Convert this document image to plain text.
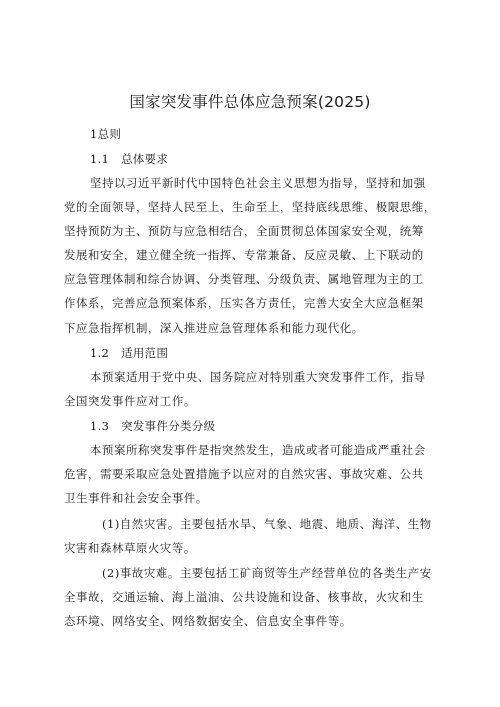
国家突发事件总体应急预案(2025)
1总则
1.1　总体要求
坚持以习近平新时代中国特色社会主义思想为指导，坚持和加强
党的全面领导，坚持人民至上、生命至上，坚持底线思维、极限思维，
坚持预防为主、预防与应急相结合，全面贯彻总体国家安全观，统筹
发展和安全，建立健全统一指挥、专常兼备、反应灵敏、上下联动的
应急管理体制和综合协调、分类管理、分级负责、属地管理为主的工
作体系，完善应急预案体系，压实各方责任，完善大安全大应急框架
下应急指挥机制，深入推进应急管理体系和能力现代化。
1.2　适用范围
本预案适用于党中央、国务院应对特别重大突发事件工作，指导
全国突发事件应对工作。
1.3　突发事件分类分级
本预案所称突发事件是指突然发生，造成或者可能造成严重社会
危害，需要采取应急处置措施予以应对的自然灾害、事故灾难、公共
卫生事件和社会安全事件。
(1)自然灾害。主要包括水旱、气象、地震、地质、海洋、生物
灾害和森林草原火灾等。
(2)事故灾难。主要包括工矿商贸等生产经营单位的各类生产安
全事故，交通运输、海上溢油、公共设施和设备、核事故，火灾和生
态环境、网络安全、网络数据安全、信息安全事件等。
